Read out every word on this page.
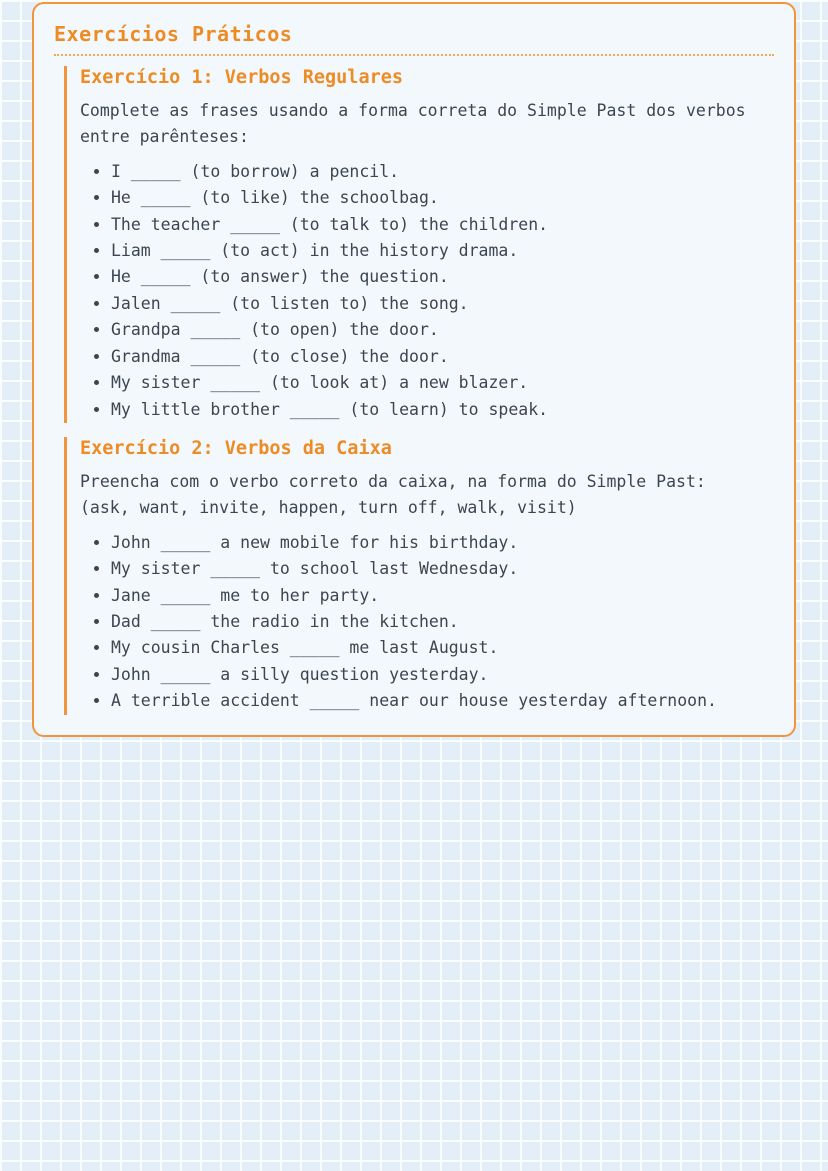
Exercícios Práticos
Exercício 1: Verbos Regulares

Complete as frases usando a forma correta do Simple Past dos verbos
entre parênteses:

• I _____ (to borrow) a pencil.
• He _____ (to like) the schoolbag.
• The teacher _____ (to talk to) the children.
• Liam _____ (to act) in the history drama.
• He _____ (to answer) the question.
• Jalen _____ (to listen to) the song.
• Grandpa _____ (to open) the door.
• Grandma _____ (to close) the door.
• My sister _____ (to look at) a new blazer.
• My little brother _____ (to learn) to speak.
Exercício 2: Verbos da Caixa

Preencha com o verbo correto da caixa, na forma do Simple Past:
(ask, want, invite, happen, turn off, walk, visit)

• John _____ a new mobile for his birthday.
• My sister _____ to school last Wednesday.
• Jane _____ me to her party.
• Dad _____ the radio in the kitchen.
• My cousin Charles _____ me last August.
• John _____ a silly question yesterday.
• A terrible accident _____ near our house yesterday afternoon.
